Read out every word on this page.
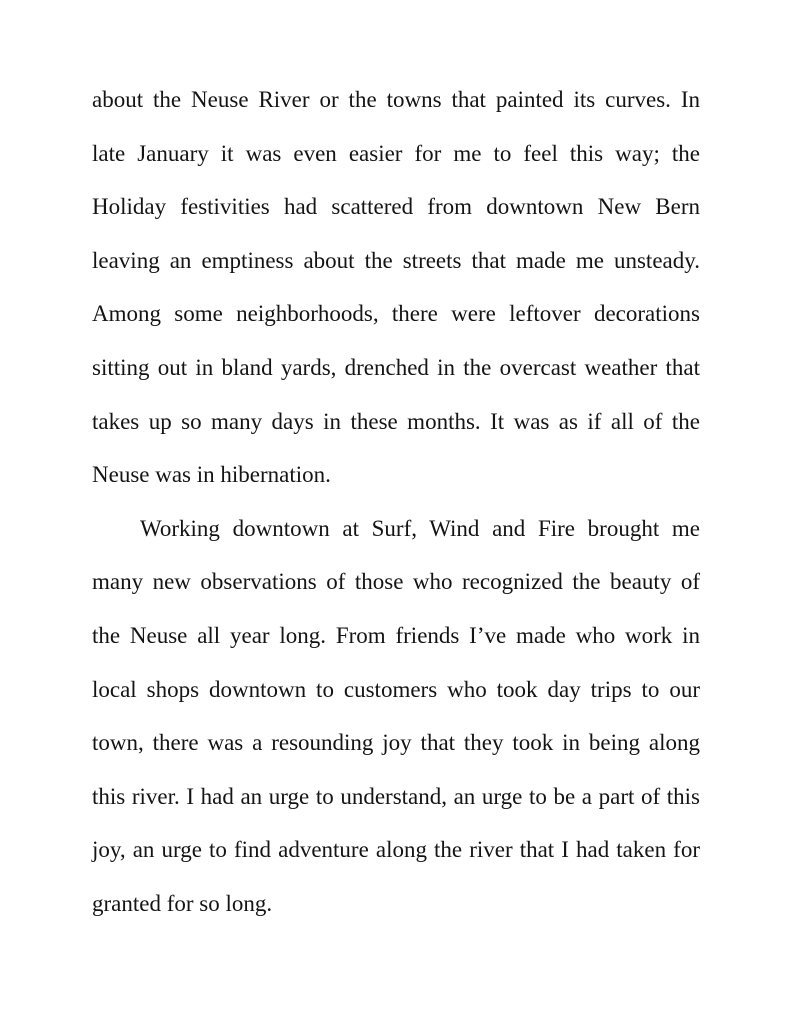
about the Neuse River or the towns that painted its curves. In
late January it was even easier for me to feel this way; the
Holiday festivities had scattered from downtown New Bern
leaving an emptiness about the streets that made me unsteady.
Among some neighborhoods, there were leftover decorations
sitting out in bland yards, drenched in the overcast weather that
takes up so many days in these months. It was as if all of the
Neuse was in hibernation.
Working downtown at Surf, Wind and Fire brought me
many new observations of those who recognized the beauty of
the Neuse all year long. From friends I’ve made who work in
local shops downtown to customers who took day trips to our
town, there was a resounding joy that they took in being along
this river. I had an urge to understand, an urge to be a part of this
joy, an urge to find adventure along the river that I had taken for
granted for so long.
